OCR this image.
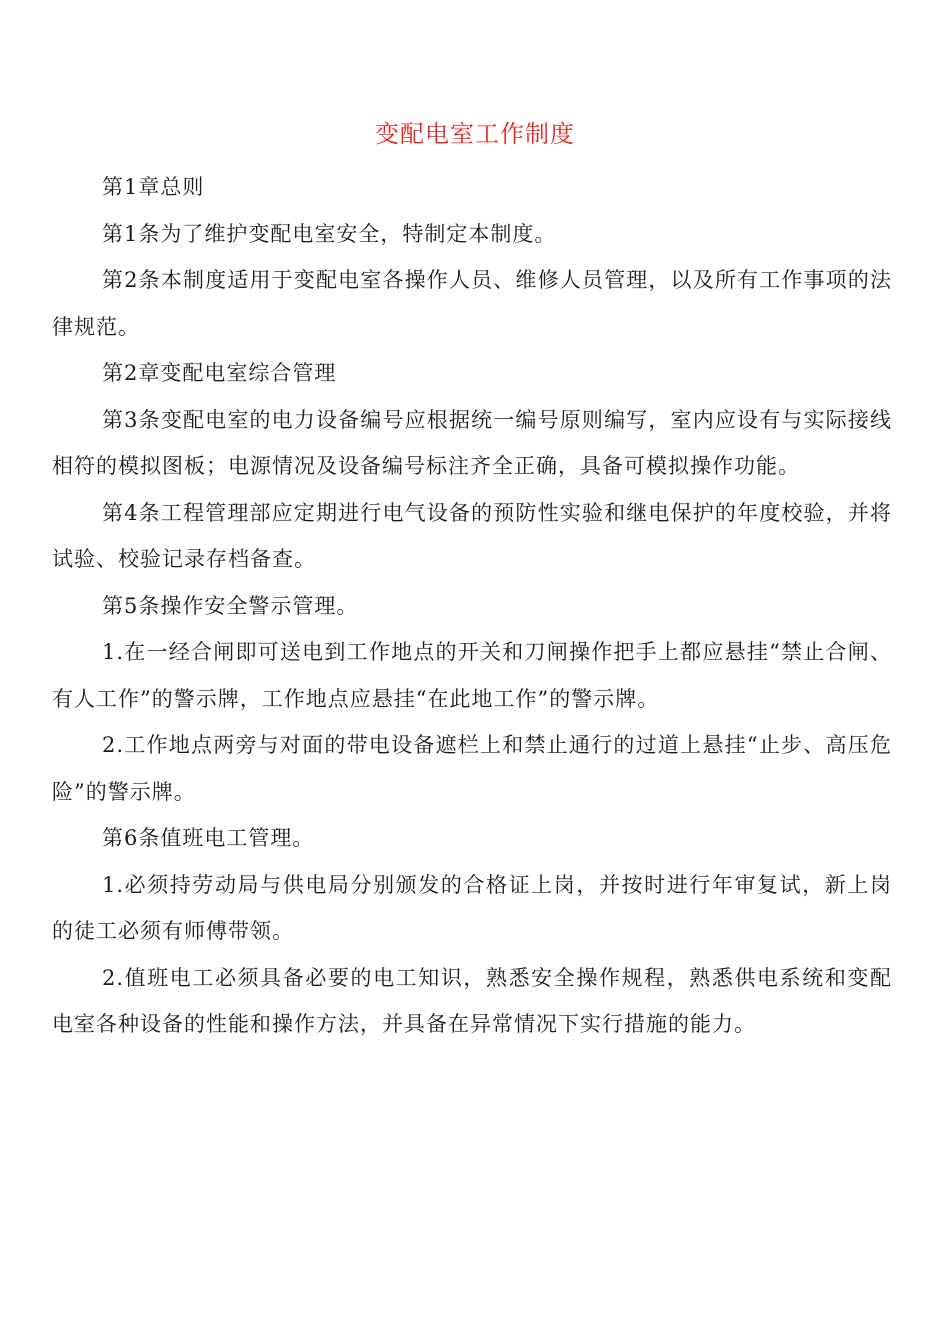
变配电室工作制度

第1章总则

第1条为了维护变配电室安全，特制定本制度。

第2条本制度适用于变配电室各操作人员、维修人员管理，以及所有工作事项的法律规范。

第2章变配电室综合管理

第3条变配电室的电力设备编号应根据统一编号原则编写，室内应设有与实际接线相符的模拟图板；电源情况及设备编号标注齐全正确，具备可模拟操作功能。

第4条工程管理部应定期进行电气设备的预防性实验和继电保护的年度校验，并将试验、校验记录存档备查。

第5条操作安全警示管理。

1.在一经合闸即可送电到工作地点的开关和刀闸操作把手上都应悬挂“禁止合闸、有人工作”的警示牌，工作地点应悬挂“在此地工作”的警示牌。

2.工作地点两旁与对面的带电设备遮栏上和禁止通行的过道上悬挂“止步、高压危险”的警示牌。

第6条值班电工管理。

1.必须持劳动局与供电局分别颁发的合格证上岗，并按时进行年审复试，新上岗的徒工必须有师傅带领。

2.值班电工必须具备必要的电工知识，熟悉安全操作规程，熟悉供电系统和变配电室各种设备的性能和操作方法，并具备在异常情况下实行措施的能力。
